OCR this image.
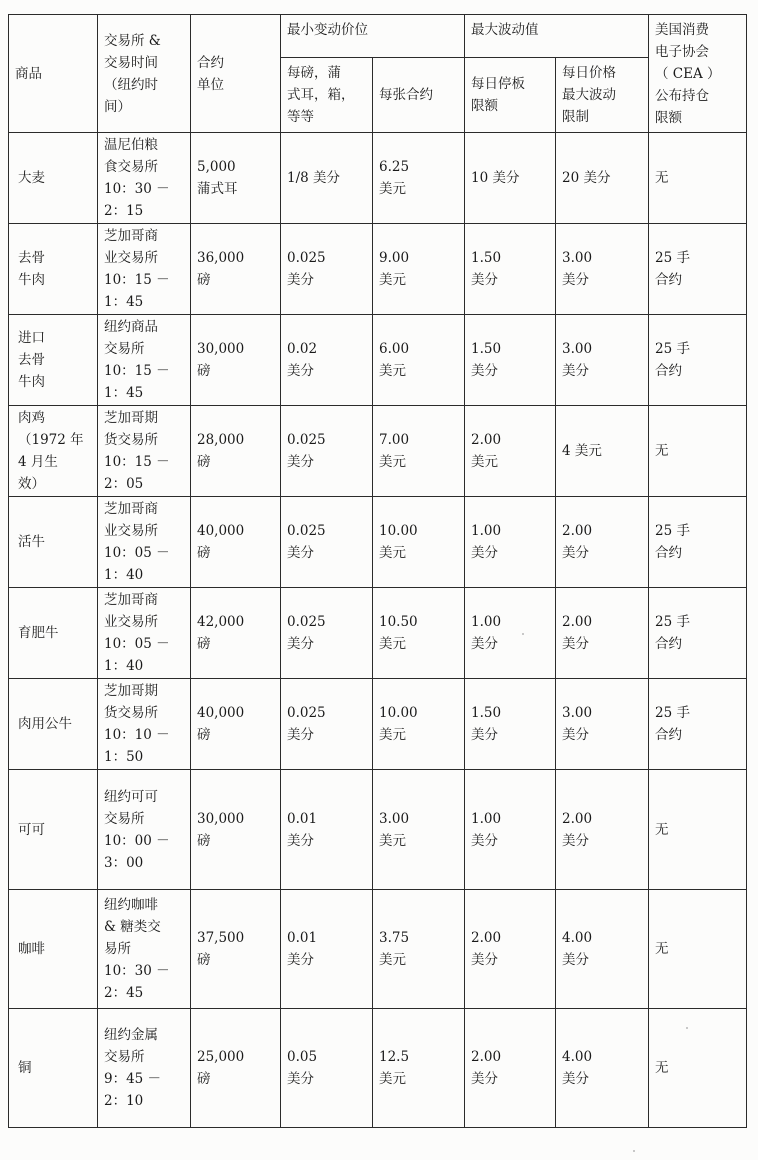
商品	交易所 &
交易时间
（纽约时
间）	合约
单位	最小变动价位		最大波动值		美国消费
电子协会
（ CEA ）
公布持仓
限额
			每磅，蒲
式耳，箱，
等等	每张合约	每日停板
限额	每日价格
最大波动
限制	
大麦	温尼伯粮
食交易所
10：30 －
2：15	5,000
蒲式耳	1/8 美分	6.25
美元	10 美分	20 美分	无
去骨
牛肉	芝加哥商
业交易所
10：15 －
1：45	36,000
磅	0.025
美分	9.00
美元	1.50
美分	3.00
美分	25 手
合约
进口
去骨
牛肉	纽约商品
交易所
10：15 －
1：45	30,000
磅	0.02
美分	6.00
美元	1.50
美分	3.00
美分	25 手
合约
肉鸡
（1972 年
4 月生
效）	芝加哥期
货交易所
10：15 －
2：05	28,000
磅	0.025
美分	7.00
美元	2.00
美元	4 美元	无
活牛	芝加哥商
业交易所
10：05 －
1：40	40,000
磅	0.025
美分	10.00
美元	1.00
美分	2.00
美分	25 手
合约
育肥牛	芝加哥商
业交易所
10：05 －
1：40	42,000
磅	0.025
美分	10.50
美元	1.00
美分	2.00
美分	25 手
合约
肉用公牛	芝加哥期
货交易所
10：10 －
1：50	40,000
磅	0.025
美分	10.00
美元	1.50
美分	3.00
美分	25 手
合约
可可	纽约可可
交易所
10：00 －
3：00	30,000
磅	0.01
美分	3.00
美元	1.00
美分	2.00
美分	无
咖啡	纽约咖啡
& 糖类交
易所
10：30 －
2：45	37,500
磅	0.01
美分	3.75
美元	2.00
美分	4.00
美分	无
铜	纽约金属
交易所
9：45 －
2：10	25,000
磅	0.05
美分	12.5
美元	2.00
美分	4.00
美分	无
